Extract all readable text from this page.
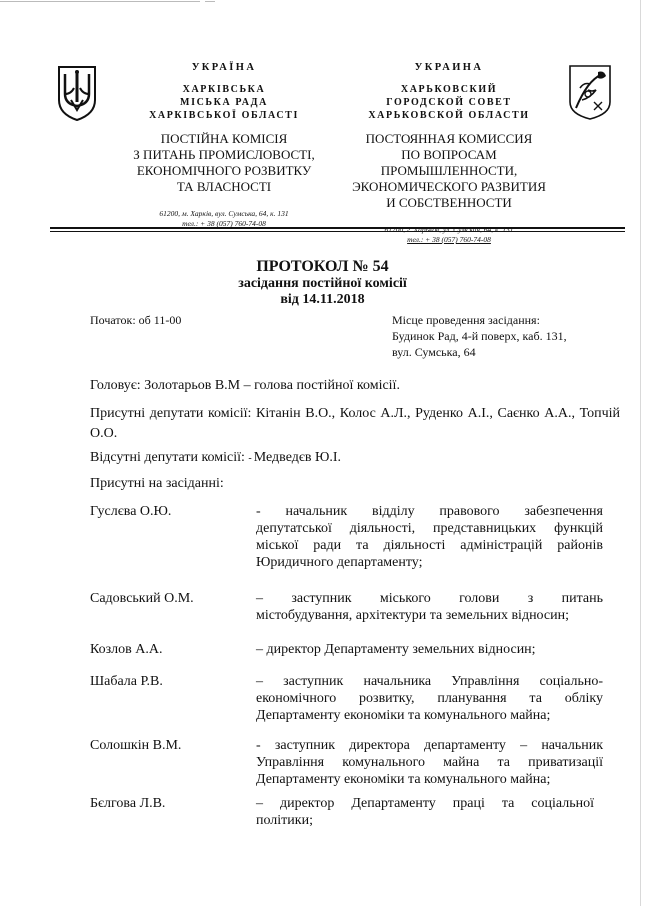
УКРАЇНА
ХАРКІВСЬКА
МІСЬКА РАДА
ХАРКІВСЬКОЇ ОБЛАСТІ
ПОСТІЙНА КОМІСІЯ
З ПИТАНЬ ПРОМИСЛОВОСТІ,
ЕКОНОМІЧНОГО РОЗВИТКУ
ТА ВЛАСНОСТІ
61200, м. Харків, вул. Сумська, 64, к. 131
тел.: + 38 (057) 760-74-08
УКРАИНА
ХАРЬКОВСКИЙ
ГОРОДСКОЙ СОВЕТ
ХАРЬКОВСКОЙ ОБЛАСТИ
ПОСТОЯННАЯ КОМИССИЯ
ПО ВОПРОСАМ ПРОМЫШЛЕННОСТИ,
ЭКОНОМИЧЕСКОГО РАЗВИТИЯ
И СОБСТВЕННОСТИ
61200, г. Харьков, ул. Сумская, 64, к. 131
тел.: + 38 (057) 760-74-08
ПРОТОКОЛ № 54
засідання постійної комісії
від 14.11.2018
Початок: об 11-00	Місце проведення засідання:
Будинок Рад, 4-й поверх, каб. 131,
вул. Сумська, 64
Головує: Золотарьов В.М – голова постійної комісії.
Присутні депутати комісії: Кітанін В.О., Колос А.Л., Руденко А.І., Саєнко А.А., Топчій О.О.
Відсутні депутати комісії: - Медведєв Ю.І.
Присутні на засіданні:
Гуслєва О.Ю.	- начальник відділу правового забезпечення
депутатської діяльності, представницьких функцій
міської ради та діяльності адміністрацій районів
Юридичного департаменту;
Садовський О.М.	– заступник міського голови з питань
містобудування, архітектури та земельних відносин;
Козлов А.А.	– директор Департаменту земельних відносин;
Шабала Р.В.	– заступник начальника Управління соціально-
економічного розвитку, планування та обліку
Департаменту економіки та комунального майна;
Солошкін В.М.	- заступник директора департаменту – начальник
Управління комунального майна та приватизації
Департаменту економіки та комунального майна;
Бєлгова Л.В.	– директор Департаменту праці та соціальної
політики;
